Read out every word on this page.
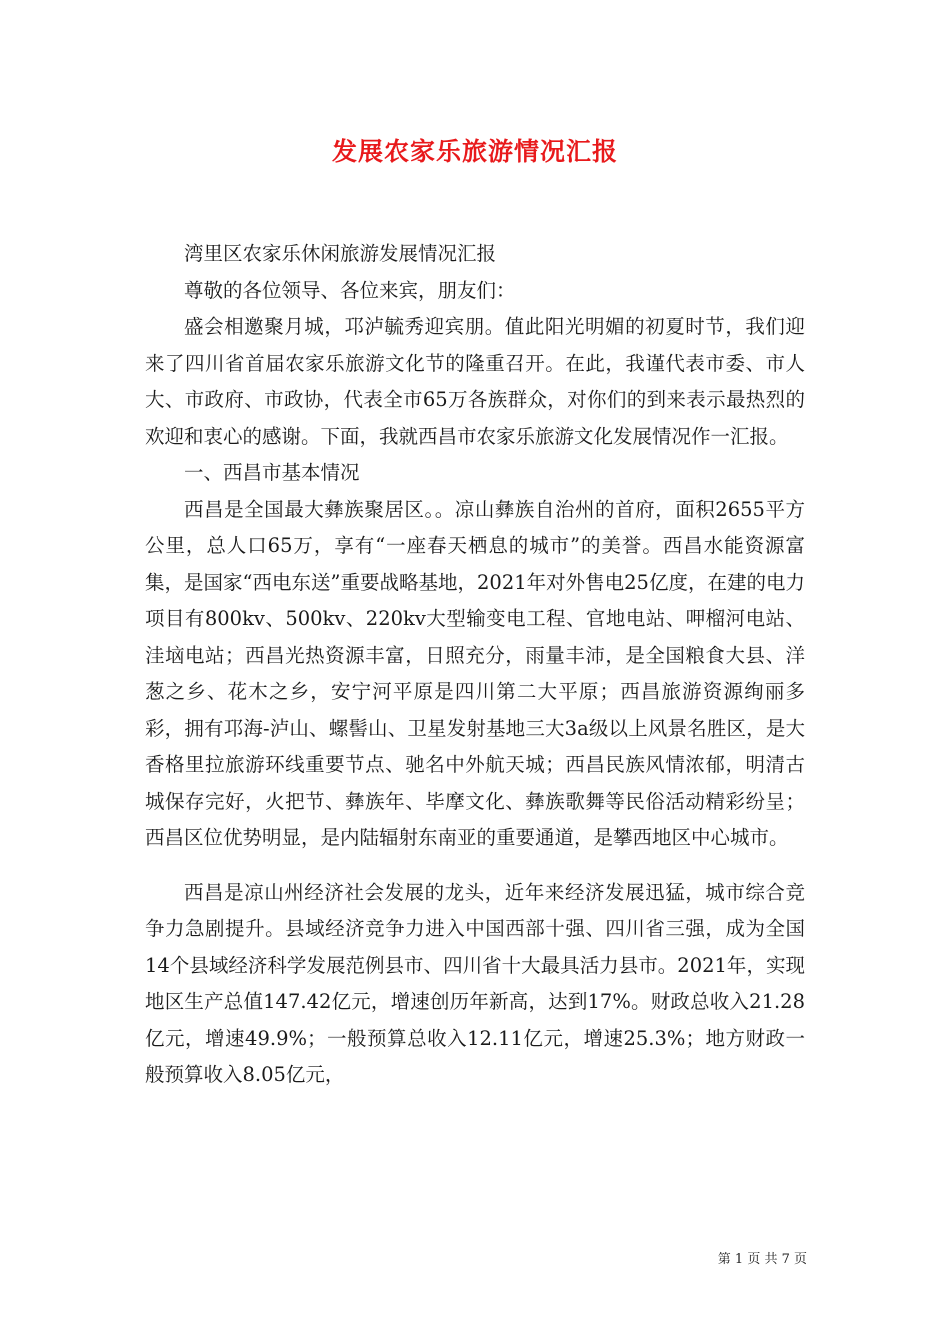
发展农家乐旅游情况汇报

湾里区农家乐休闲旅游发展情况汇报

尊敬的各位领导、各位来宾，朋友们：

盛会相邀聚月城，邛泸毓秀迎宾朋。值此阳光明媚的初夏时节，我们迎来了四川省首届农家乐旅游文化节的隆重召开。在此，我谨代表市委、市人大、市政府、市政协，代表全市65万各族群众，对你们的到来表示最热烈的欢迎和衷心的感谢。下面，我就西昌市农家乐旅游文化发展情况作一汇报。

一、西昌市基本情况

西昌是全国最大彝族聚居区。。凉山彝族自治州的首府，面积2655平方公里，总人口65万，享有“一座春天栖息的城市”的美誉。西昌水能资源富集，是国家“西电东送”重要战略基地，2021年对外售电25亿度，在建的电力项目有800kv、500kv、220kv大型输变电工程、官地电站、呷榴河电站、洼垴电站；西昌光热资源丰富，日照充分，雨量丰沛，是全国粮食大县、洋葱之乡、花木之乡，安宁河平原是四川第二大平原；西昌旅游资源绚丽多彩，拥有邛海-泸山、螺髻山、卫星发射基地三大3a级以上风景名胜区，是大香格里拉旅游环线重要节点、驰名中外航天城；西昌民族风情浓郁，明清古城保存完好，火把节、彝族年、毕摩文化、彝族歌舞等民俗活动精彩纷呈；西昌区位优势明显，是内陆辐射东南亚的重要通道，是攀西地区中心城市。

西昌是凉山州经济社会发展的龙头，近年来经济发展迅猛，城市综合竞争力急剧提升。县域经济竞争力进入中国西部十强、四川省三强，成为全国14个县域经济科学发展范例县市、四川省十大最具活力县市。2021年，实现地区生产总值147.42亿元，增速创历年新高，达到17%。财政总收入21.28亿元，增速49.9%；一般预算总收入12.11亿元，增速25.3%；地方财政一般预算收入8.05亿元，

第 1 页 共 7 页
